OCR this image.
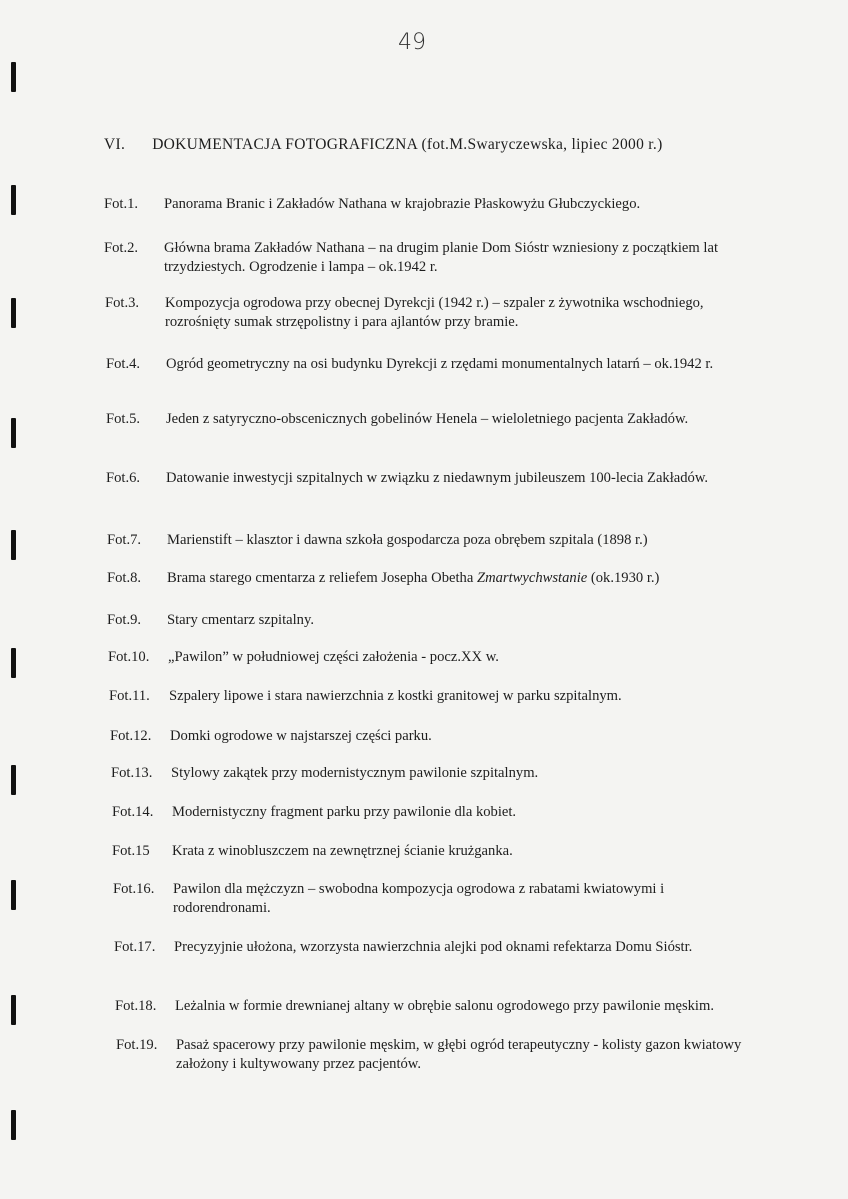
49
VI. DOKUMENTACJA FOTOGRAFICZNA (fot.M.Swaryczewska, lipiec 2000 r.)
Fot.1.	Panorama Branic i Zakładów Nathana w krajobrazie Płaskowyżu Głubczyckiego.
Fot.2.	Główna brama Zakładów Nathana – na drugim planie Dom Sióstr wzniesiony z początkiem lat trzydziestych. Ogrodzenie i lampa – ok.1942 r.
Fot.3.	Kompozycja ogrodowa przy obecnej Dyrekcji (1942 r.) – szpaler z żywotnika wschodniego, rozrośnięty sumak strzępolistny i para ajlantów przy bramie.
Fot.4.	Ogród geometryczny na osi budynku Dyrekcji z rzędami monumentalnych latarń – ok.1942 r.
Fot.5.	Jeden z satyryczno-obscenicznych gobelinów Henela – wieloletniego pacjenta Zakładów.
Fot.6.	Datowanie inwestycji szpitalnych w związku z niedawnym jubileuszem 100-lecia Zakładów.
Fot.7.	Marienstift – klasztor i dawna szkoła gospodarcza poza obrębem szpitala (1898 r.)
Fot.8.	Brama starego cmentarza z reliefem Josepha Obetha Zmartwychwstanie (ok.1930 r.)
Fot.9.	Stary cmentarz szpitalny.
Fot.10.	„Pawilon” w południowej części założenia - pocz.XX w.
Fot.11.	Szpalery lipowe i stara nawierzchnia z kostki granitowej w parku szpitalnym.
Fot.12.	Domki ogrodowe w najstarszej części parku.
Fot.13.	Stylowy zakątek przy modernistycznym pawilonie szpitalnym.
Fot.14.	Modernistyczny fragment parku przy pawilonie dla kobiet.
Fot.15	Krata z winobluszczem na zewnętrznej ścianie krużganka.
Fot.16.	Pawilon dla mężczyzn – swobodna kompozycja ogrodowa z rabatami kwiatowymi i rodorendronami.
Fot.17.	Precyzyjnie ułożona, wzorzysta nawierzchnia alejki pod oknami refektarza Domu Sióstr.
Fot.18.	Leżalnia w formie drewnianej altany w obrębie salonu ogrodowego przy pawilonie męskim.
Fot.19.	Pasaż spacerowy przy pawilonie męskim, w głębi ogród terapeutyczny - kolisty gazon kwiatowy założony i kultywowany przez pacjentów.
